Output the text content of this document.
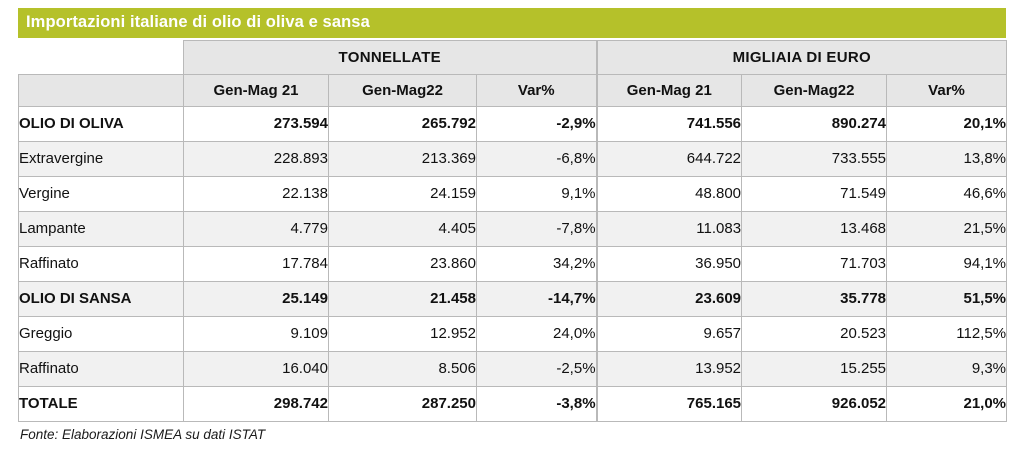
Importazioni italiane di olio di oliva e sansa
	TONNELLATE			MIGLIAIA DI EURO		
	Gen-Mag 21	Gen-Mag22	Var%	Gen-Mag 21	Gen-Mag22	Var%
OLIO DI OLIVA	273.594	265.792	-2,9%	741.556	890.274	20,1%
Extravergine	228.893	213.369	-6,8%	644.722	733.555	13,8%
Vergine	22.138	24.159	9,1%	48.800	71.549	46,6%
Lampante	4.779	4.405	-7,8%	11.083	13.468	21,5%
Raffinato	17.784	23.860	34,2%	36.950	71.703	94,1%
OLIO DI SANSA	25.149	21.458	-14,7%	23.609	35.778	51,5%
Greggio	9.109	12.952	24,0%	9.657	20.523	112,5%
Raffinato	16.040	8.506	-2,5%	13.952	15.255	9,3%
TOTALE	298.742	287.250	-3,8%	765.165	926.052	21,0%
Fonte: Elaborazioni ISMEA su dati ISTAT
